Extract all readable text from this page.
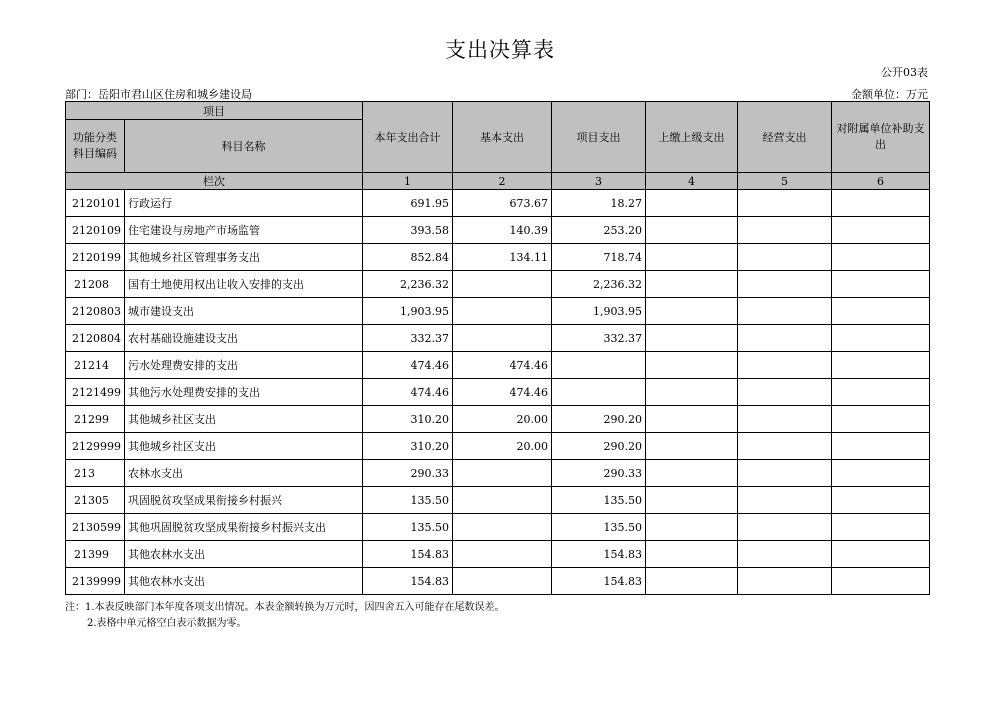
支出决算表
公开03表
部门：岳阳市君山区住房和城乡建设局	金额单位：万元
项目		本年支出合计	基本支出	项目支出	上缴上级支出	经营支出	对附属单位补助支出
功能分类科目编码	科目名称						
栏次		1	2	3	4	5	6
2120101	行政运行	691.95	673.67	18.27			
2120109	住宅建设与房地产市场监管	393.58	140.39	253.20			
2120199	其他城乡社区管理事务支出	852.84	134.11	718.74			
21208	国有土地使用权出让收入安排的支出	2,236.32		2,236.32			
2120803	城市建设支出	1,903.95		1,903.95			
2120804	农村基础设施建设支出	332.37		332.37			
21214	污水处理费安排的支出	474.46	474.46				
2121499	其他污水处理费安排的支出	474.46	474.46				
21299	其他城乡社区支出	310.20	20.00	290.20			
2129999	其他城乡社区支出	310.20	20.00	290.20			
213	农林水支出	290.33		290.33			
21305	巩固脱贫攻坚成果衔接乡村振兴	135.50		135.50			
2130599	其他巩固脱贫攻坚成果衔接乡村振兴支出	135.50		135.50			
21399	其他农林水支出	154.83		154.83			
2139999	其他农林水支出	154.83		154.83			
注：1.本表反映部门本年度各项支出情况。本表金额转换为万元时，因四舍五入可能存在尾数误差。
2.表格中单元格空白表示数据为零。
